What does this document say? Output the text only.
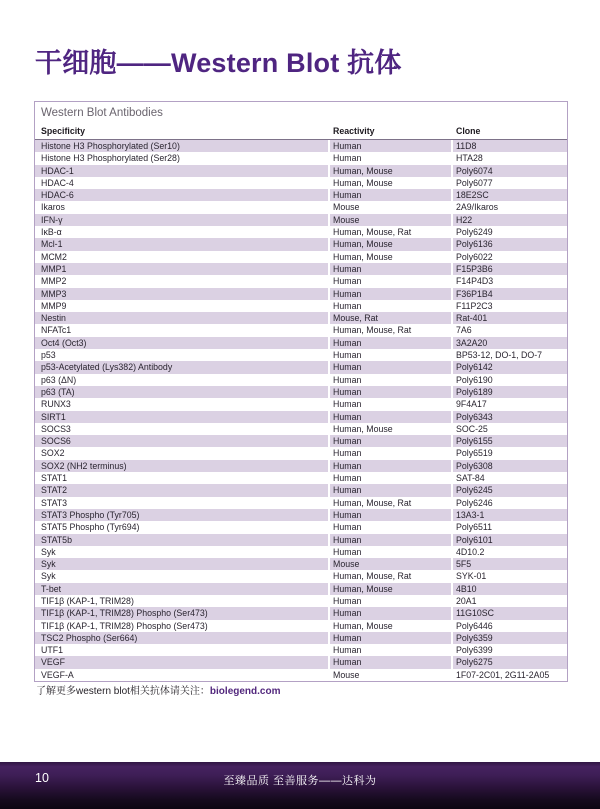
干细胞——Western Blot 抗体
Western Blot Antibodies
Specificity	Reactivity	Clone
Histone H3 Phosphorylated (Ser10)	Human	11D8
Histone H3 Phosphorylated (Ser28)	Human	HTA28
HDAC-1	Human, Mouse	Poly6074
HDAC-4	Human, Mouse	Poly6077
HDAC-6	Human	18E2SC
Ikaros	Mouse	2A9/Ikaros
IFN-γ	Mouse	H22
IκB-α	Human, Mouse, Rat	Poly6249
Mcl-1	Human, Mouse	Poly6136
MCM2	Human, Mouse	Poly6022
MMP1	Human	F15P3B6
MMP2	Human	F14P4D3
MMP3	Human	F36P1B4
MMP9	Human	F11P2C3
Nestin	Mouse, Rat	Rat-401
NFATc1	Human, Mouse, Rat	7A6
Oct4 (Oct3)	Human	3A2A20
p53	Human	BP53-12, DO-1, DO-7
p53-Acetylated (Lys382) Antibody	Human	Poly6142
p63 (ΔN)	Human	Poly6190
p63 (TA)	Human	Poly6189
RUNX3	Human	9F4A17
SIRT1	Human	Poly6343
SOCS3	Human, Mouse	SOC-25
SOCS6	Human	Poly6155
SOX2	Human	Poly6519
SOX2 (NH2 terminus)	Human	Poly6308
STAT1	Human	SAT-84
STAT2	Human	Poly6245
STAT3	Human, Mouse, Rat	Poly6246
STAT3 Phospho (Tyr705)	Human	13A3-1
STAT5 Phospho (Tyr694)	Human	Poly6511
STAT5b	Human	Poly6101
Syk	Human	4D10.2
Syk	Mouse	5F5
Syk	Human, Mouse, Rat	SYK-01
T-bet	Human, Mouse	4B10
TIF1β (KAP-1, TRIM28)	Human	20A1
TIF1β (KAP-1, TRIM28) Phospho (Ser473)	Human	11G10SC
TIF1β (KAP-1, TRIM28) Phospho (Ser473)	Human, Mouse	Poly6446
TSC2 Phospho (Ser664)	Human	Poly6359
UTF1	Human	Poly6399
VEGF	Human	Poly6275
VEGF-A	Mouse	1F07-2C01, 2G11-2A05
了解更多western blot相关抗体请关注：biolegend.com
10	至臻品质 至善服务——达科为
